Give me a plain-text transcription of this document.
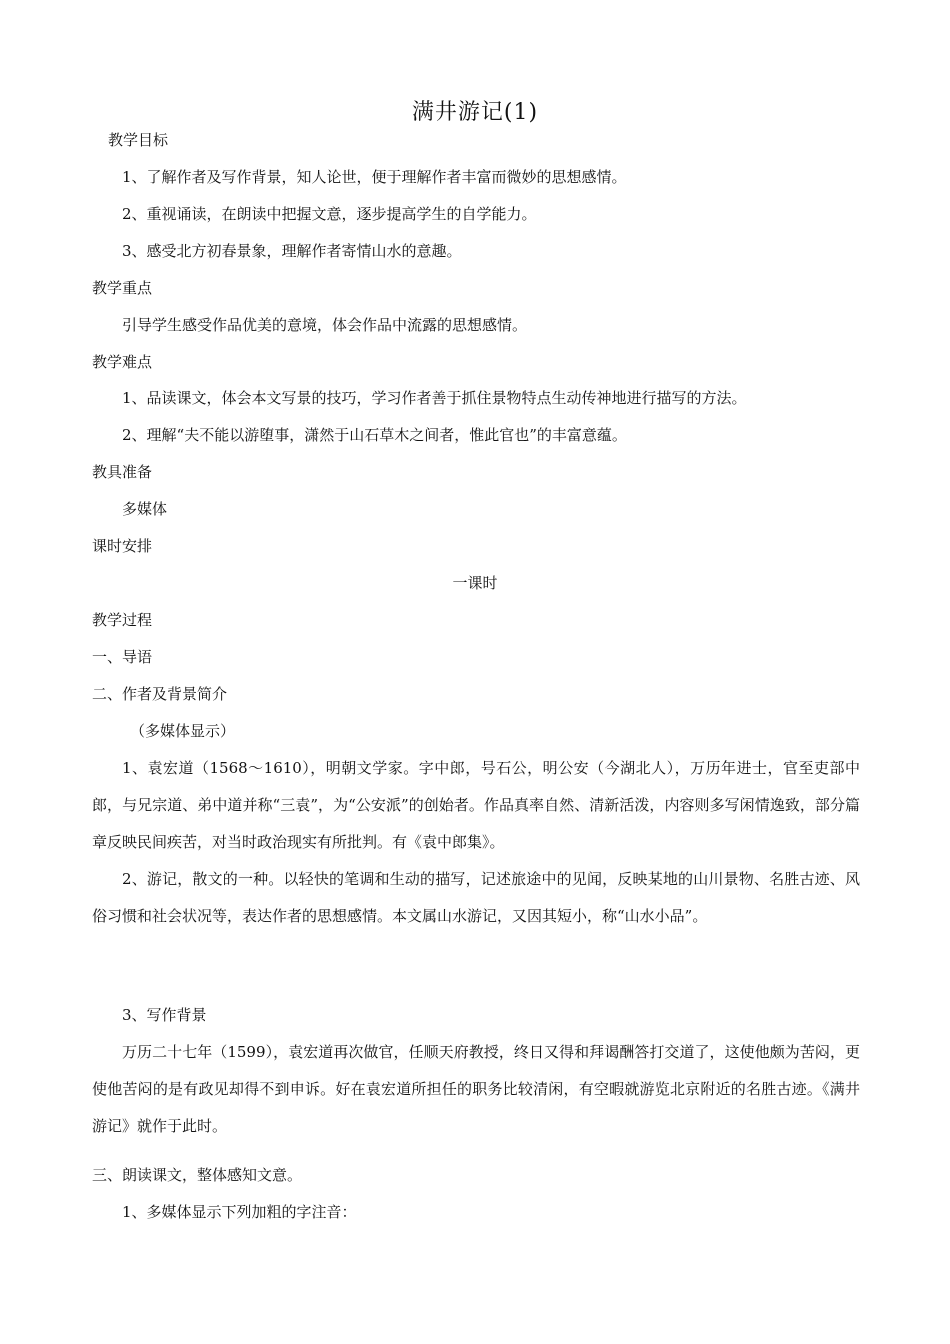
满井游记(1)
教学目标
1、了解作者及写作背景，知人论世，便于理解作者丰富而微妙的思想感情。
2、重视诵读，在朗读中把握文意，逐步提高学生的自学能力。
3、感受北方初春景象，理解作者寄情山水的意趣。
教学重点
引导学生感受作品优美的意境，体会作品中流露的思想感情。
教学难点
1、品读课文，体会本文写景的技巧，学习作者善于抓住景物特点生动传神地进行描写的方法。
2、理解“夫不能以游堕事，潇然于山石草木之间者，惟此官也”的丰富意蕴。
教具准备
多媒体
课时安排
一课时
教学过程
一、导语
二、作者及背景简介
（多媒体显示）
1、袁宏道（1568～1610），明朝文学家。字中郎，号石公，明公安（今湖北人），万历年进士，官至吏部中郎，与兄宗道、弟中道并称“三袁”，为“公安派”的创始者。作品真率自然、清新活泼，内容则多写闲情逸致，部分篇章反映民间疾苦，对当时政治现实有所批判。有《袁中郎集》。
2、游记，散文的一种。以轻快的笔调和生动的描写，记述旅途中的见闻，反映某地的山川景物、名胜古迹、风俗习惯和社会状况等，表达作者的思想感情。本文属山水游记，又因其短小，称“山水小品”。
3、写作背景
万历二十七年（1599），袁宏道再次做官，任顺天府教授，终日又得和拜谒酬答打交道了，这使他颇为苦闷，更使他苦闷的是有政见却得不到申诉。好在袁宏道所担任的职务比较清闲，有空暇就游览北京附近的名胜古迹。《满井游记》就作于此时。
三、朗读课文，整体感知文意。
1、多媒体显示下列加粗的字注音：
